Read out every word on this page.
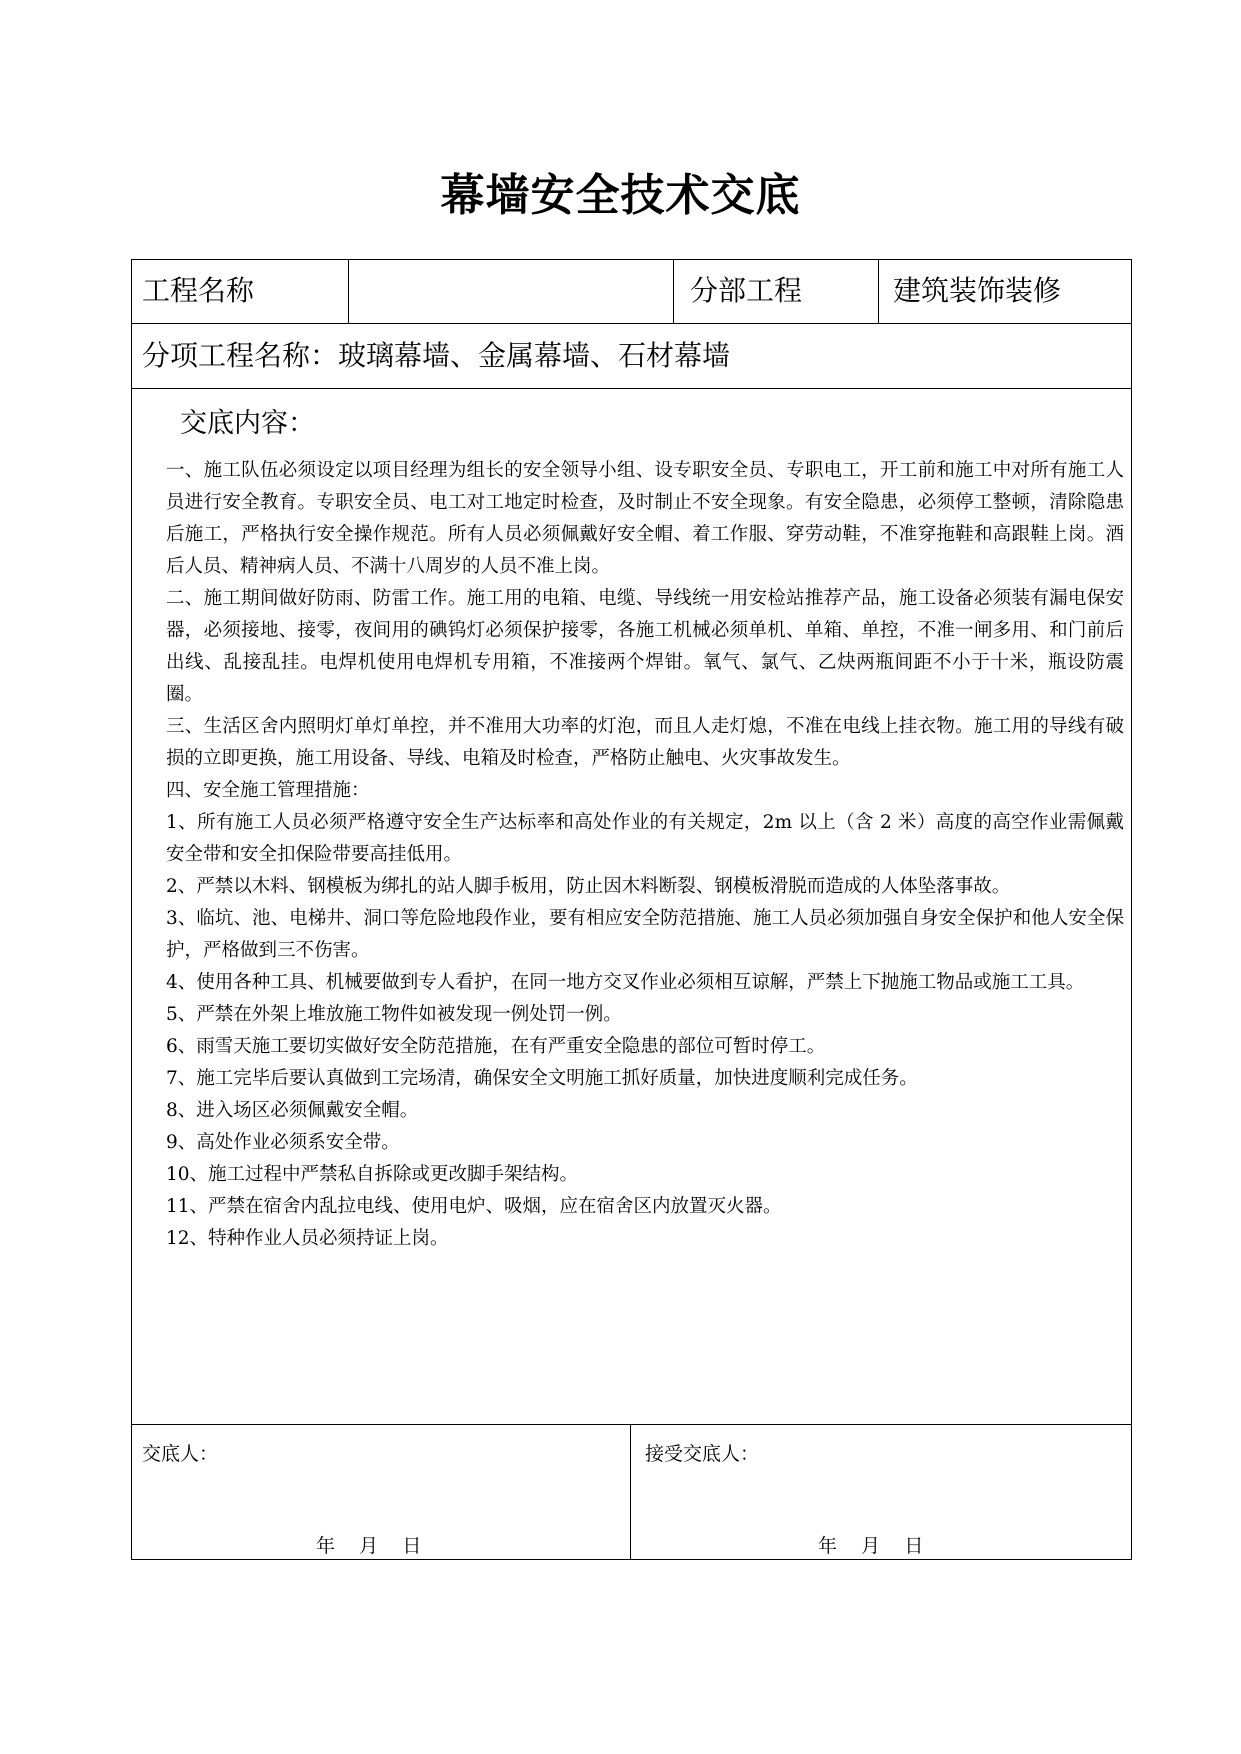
幕墙安全技术交底
工程名称	分部工程	建筑装饰装修
分项工程名称：玻璃幕墙、金属幕墙、石材幕墙
交底内容：
一、施工队伍必须设定以项目经理为组长的安全领导小组、设专职安全员、专职电工，开工前和施工中对所有施工人员进行安全教育。专职安全员、电工对工地定时检查，及时制止不安全现象。有安全隐患，必须停工整顿，清除隐患后施工，严格执行安全操作规范。所有人员必须佩戴好安全帽、着工作服、穿劳动鞋，不准穿拖鞋和高跟鞋上岗。酒后人员、精神病人员、不满十八周岁的人员不准上岗。
二、施工期间做好防雨、防雷工作。施工用的电箱、电缆、导线统一用安检站推荐产品，施工设备必须装有漏电保安器，必须接地、接零，夜间用的碘钨灯必须保护接零，各施工机械必须单机、单箱、单控，不准一闸多用、和门前后出线、乱接乱挂。电焊机使用电焊机专用箱，不准接两个焊钳。氧气、氯气、乙炔两瓶间距不小于十米，瓶设防震圈。
三、生活区舍内照明灯单灯单控，并不准用大功率的灯泡，而且人走灯熄，不准在电线上挂衣物。施工用的导线有破损的立即更换，施工用设备、导线、电箱及时检查，严格防止触电、火灾事故发生。
四、安全施工管理措施：
1、所有施工人员必须严格遵守安全生产达标率和高处作业的有关规定，2m 以上（含 2 米）高度的高空作业需佩戴安全带和安全扣保险带要高挂低用。
2、严禁以木料、钢模板为绑扎的站人脚手板用，防止因木料断裂、钢模板滑脱而造成的人体坠落事故。
3、临坑、池、电梯井、洞口等危险地段作业，要有相应安全防范措施、施工人员必须加强自身安全保护和他人安全保护，严格做到三不伤害。
4、使用各种工具、机械要做到专人看护，在同一地方交叉作业必须相互谅解，严禁上下抛施工物品或施工工具。
5、严禁在外架上堆放施工物件如被发现一例处罚一例。
6、雨雪天施工要切实做好安全防范措施，在有严重安全隐患的部位可暂时停工。
7、施工完毕后要认真做到工完场清，确保安全文明施工抓好质量，加快进度顺利完成任务。
8、进入场区必须佩戴安全帽。
9、高处作业必须系安全带。
10、施工过程中严禁私自拆除或更改脚手架结构。
11、严禁在宿舍内乱拉电线、使用电炉、吸烟，应在宿舍区内放置灭火器。
12、特种作业人员必须持证上岗。
交底人：
年    月    日
接受交底人：
年    月    日
